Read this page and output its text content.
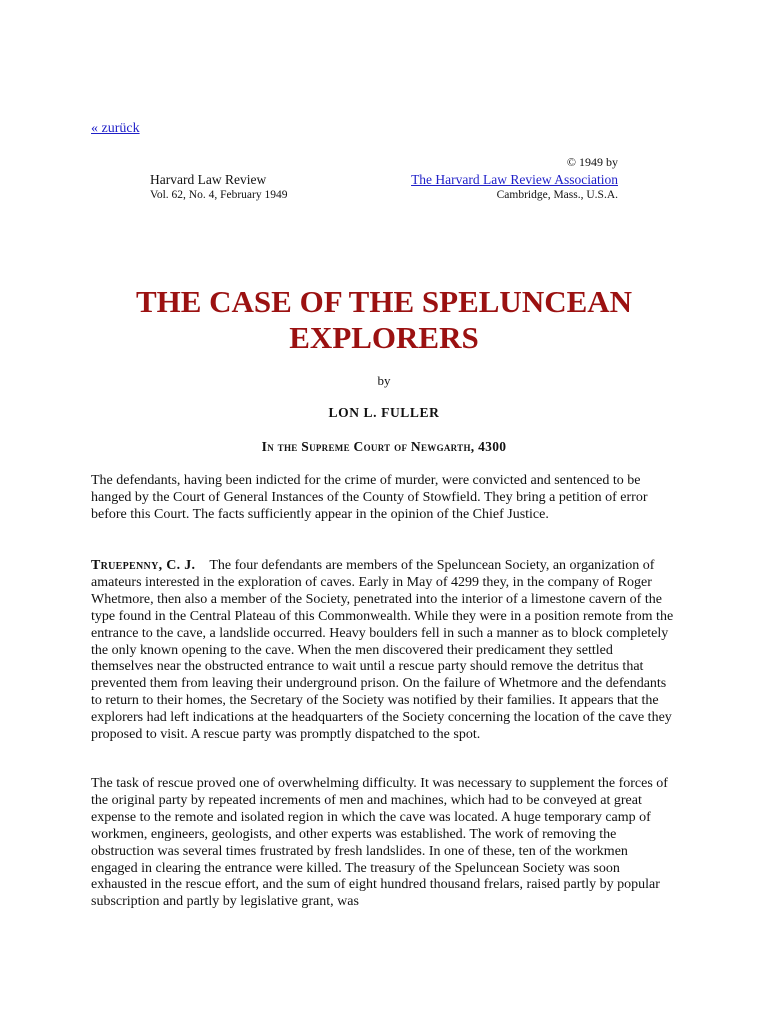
« zurück
© 1949 by
Harvard Law Review
Vol. 62, No. 4, February 1949
The Harvard Law Review Association
Cambridge, Mass., U.S.A.
THE CASE OF THE SPELUNCEAN EXPLORERS
by
LON L. FULLER
In the Supreme Court of Newgarth, 4300

The defendants, having been indicted for the crime of murder, were convicted and sentenced to be hanged by the Court of General Instances of the County of Stowfield. They bring a petition of error before this Court. The facts sufficiently appear in the opinion of the Chief Justice.

Truepenny, C. J. The four defendants are members of the Speluncean Society, an organization of amateurs interested in the exploration of caves. Early in May of 4299 they, in the company of Roger Whetmore, then also a member of the Society, penetrated into the interior of a limestone cavern of the type found in the Central Plateau of this Commonwealth. While they were in a position remote from the entrance to the cave, a landslide occurred. Heavy boulders fell in such a manner as to block completely the only known opening to the cave. When the men discovered their predicament they settled themselves near the obstructed entrance to wait until a rescue party should remove the detritus that prevented them from leaving their underground prison. On the failure of Whetmore and the defendants to return to their homes, the Secretary of the Society was notified by their families. It appears that the explorers had left indications at the headquarters of the Society concerning the location of the cave they proposed to visit. A rescue party was promptly dispatched to the spot.

The task of rescue proved one of overwhelming difficulty. It was necessary to supplement the forces of the original party by repeated increments of men and machines, which had to be conveyed at great expense to the remote and isolated region in which the cave was located. A huge temporary camp of workmen, engineers, geologists, and other experts was established. The work of removing the obstruction was several times frustrated by fresh landslides. In one of these, ten of the workmen engaged in clearing the entrance were killed. The treasury of the Speluncean Society was soon exhausted in the rescue effort, and the sum of eight hundred thousand frelars, raised partly by popular subscription and partly by legislative grant, was
